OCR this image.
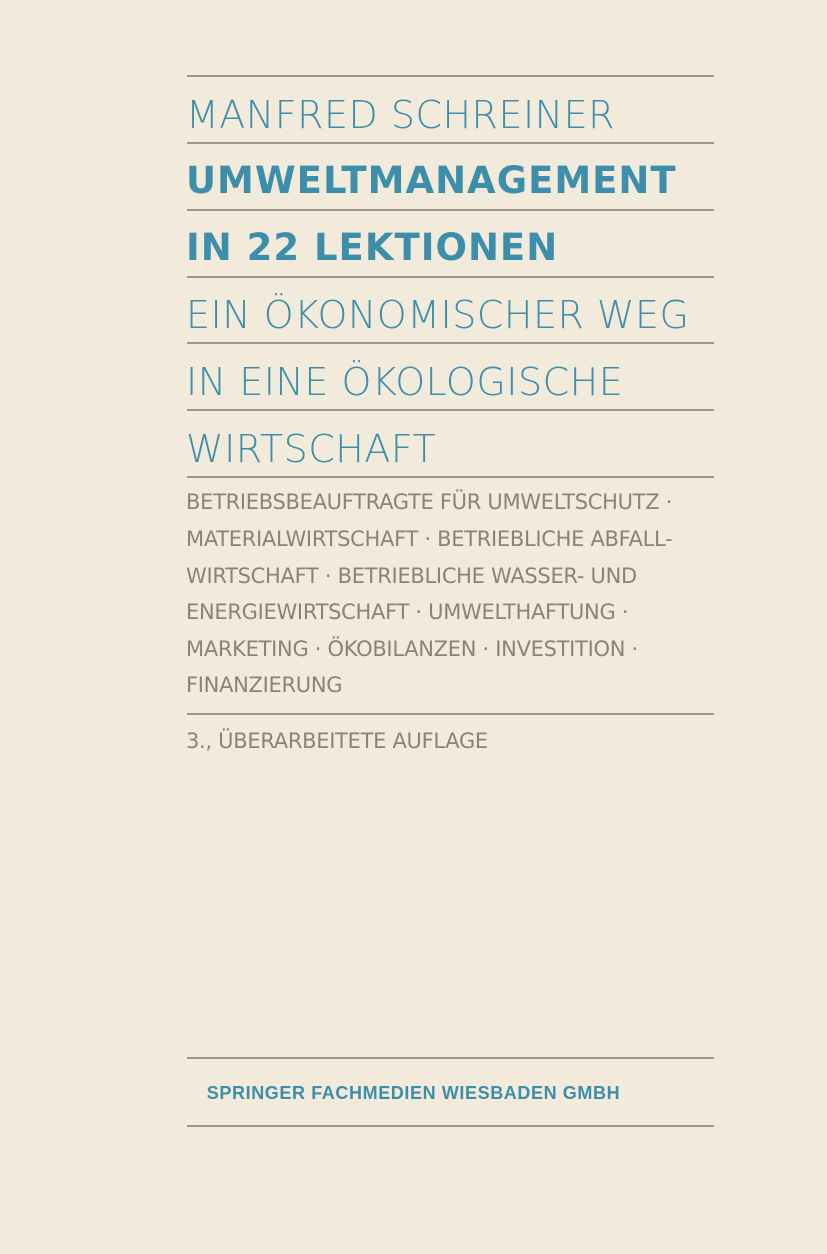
MANFRED SCHREINER
UMWELTMANAGEMENT
IN 22 LEKTIONEN
EIN ÖKONOMISCHER WEG
IN EINE ÖKOLOGISCHE
WIRTSCHAFT
BETRIEBSBEAUFTRAGTE FÜR UMWELTSCHUTZ ·
MATERIALWIRTSCHAFT · BETRIEBLICHE ABFALL-
WIRTSCHAFT · BETRIEBLICHE WASSER- UND
ENERGIEWIRTSCHAFT · UMWELTHAFTUNG ·
MARKETING · ÖKOBILANZEN · INVESTITION ·
FINANZIERUNG
3., ÜBERARBEITETE AUFLAGE
SPRINGER FACHMEDIEN WIESBADEN GMBH
